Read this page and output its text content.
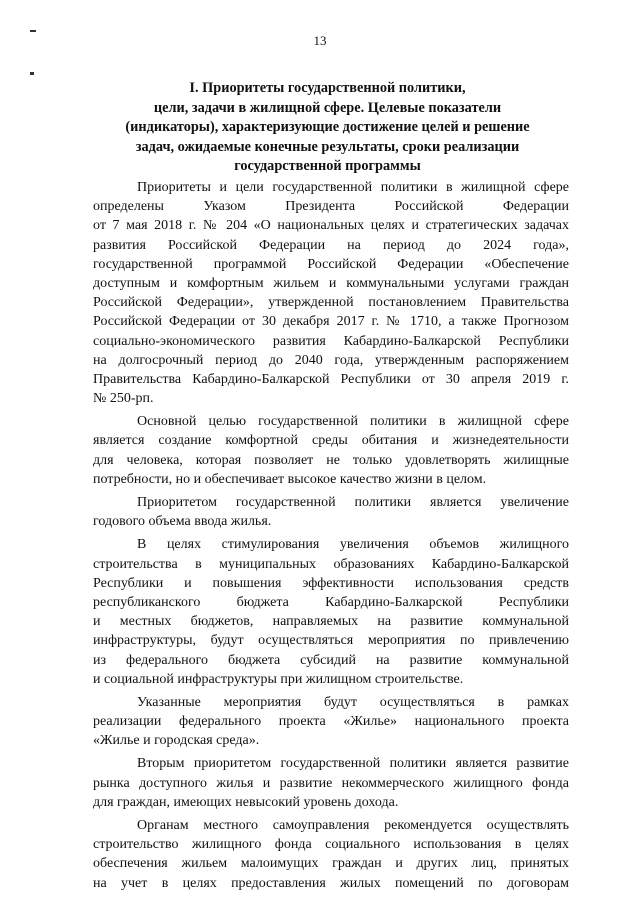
13
I. Приоритеты государственной политики,
цели, задачи в жилищной сфере. Целевые показатели
(индикаторы), характеризующие достижение целей и решение
задач, ожидаемые конечные результаты, сроки реализации
государственной программы
Приоритеты и цели государственной политики в жилищной сфере
определены Указом Президента Российской Федерации
от 7 мая 2018 г. № 204 «О национальных целях и стратегических задачах
развития Российской Федерации на период до 2024 года»,
государственной программой Российской Федерации «Обеспечение
доступным и комфортным жильем и коммунальными услугами граждан
Российской Федерации», утвержденной постановлением Правительства
Российской Федерации от 30 декабря 2017 г. № 1710, а также Прогнозом
социально-экономического развития Кабардино-Балкарской Республики
на долгосрочный период до 2040 года, утвержденным распоряжением
Правительства Кабардино-Балкарской Республики от 30 апреля 2019 г.
№ 250-рп.
Основной целью государственной политики в жилищной сфере
является создание комфортной среды обитания и жизнедеятельности
для человека, которая позволяет не только удовлетворять жилищные
потребности, но и обеспечивает высокое качество жизни в целом.
Приоритетом государственной политики является увеличение
годового объема ввода жилья.
В целях стимулирования увеличения объемов жилищного
строительства в муниципальных образованиях Кабардино-Балкарской
Республики и повышения эффективности использования средств
республиканского бюджета Кабардино-Балкарской Республики
и местных бюджетов, направляемых на развитие коммунальной
инфраструктуры, будут осуществляться мероприятия по привлечению
из федерального бюджета субсидий на развитие коммунальной
и социальной инфраструктуры при жилищном строительстве.
Указанные мероприятия будут осуществляться в рамках
реализации федерального проекта «Жилье» национального проекта
«Жилье и городская среда».
Вторым приоритетом государственной политики является развитие
рынка доступного жилья и развитие некоммерческого жилищного фонда
для граждан, имеющих невысокий уровень дохода.
Органам местного самоуправления рекомендуется осуществлять
строительство жилищного фонда социального использования в целях
обеспечения жильем малоимущих граждан и других лиц, принятых
на учет в целях предоставления жилых помещений по договорам
